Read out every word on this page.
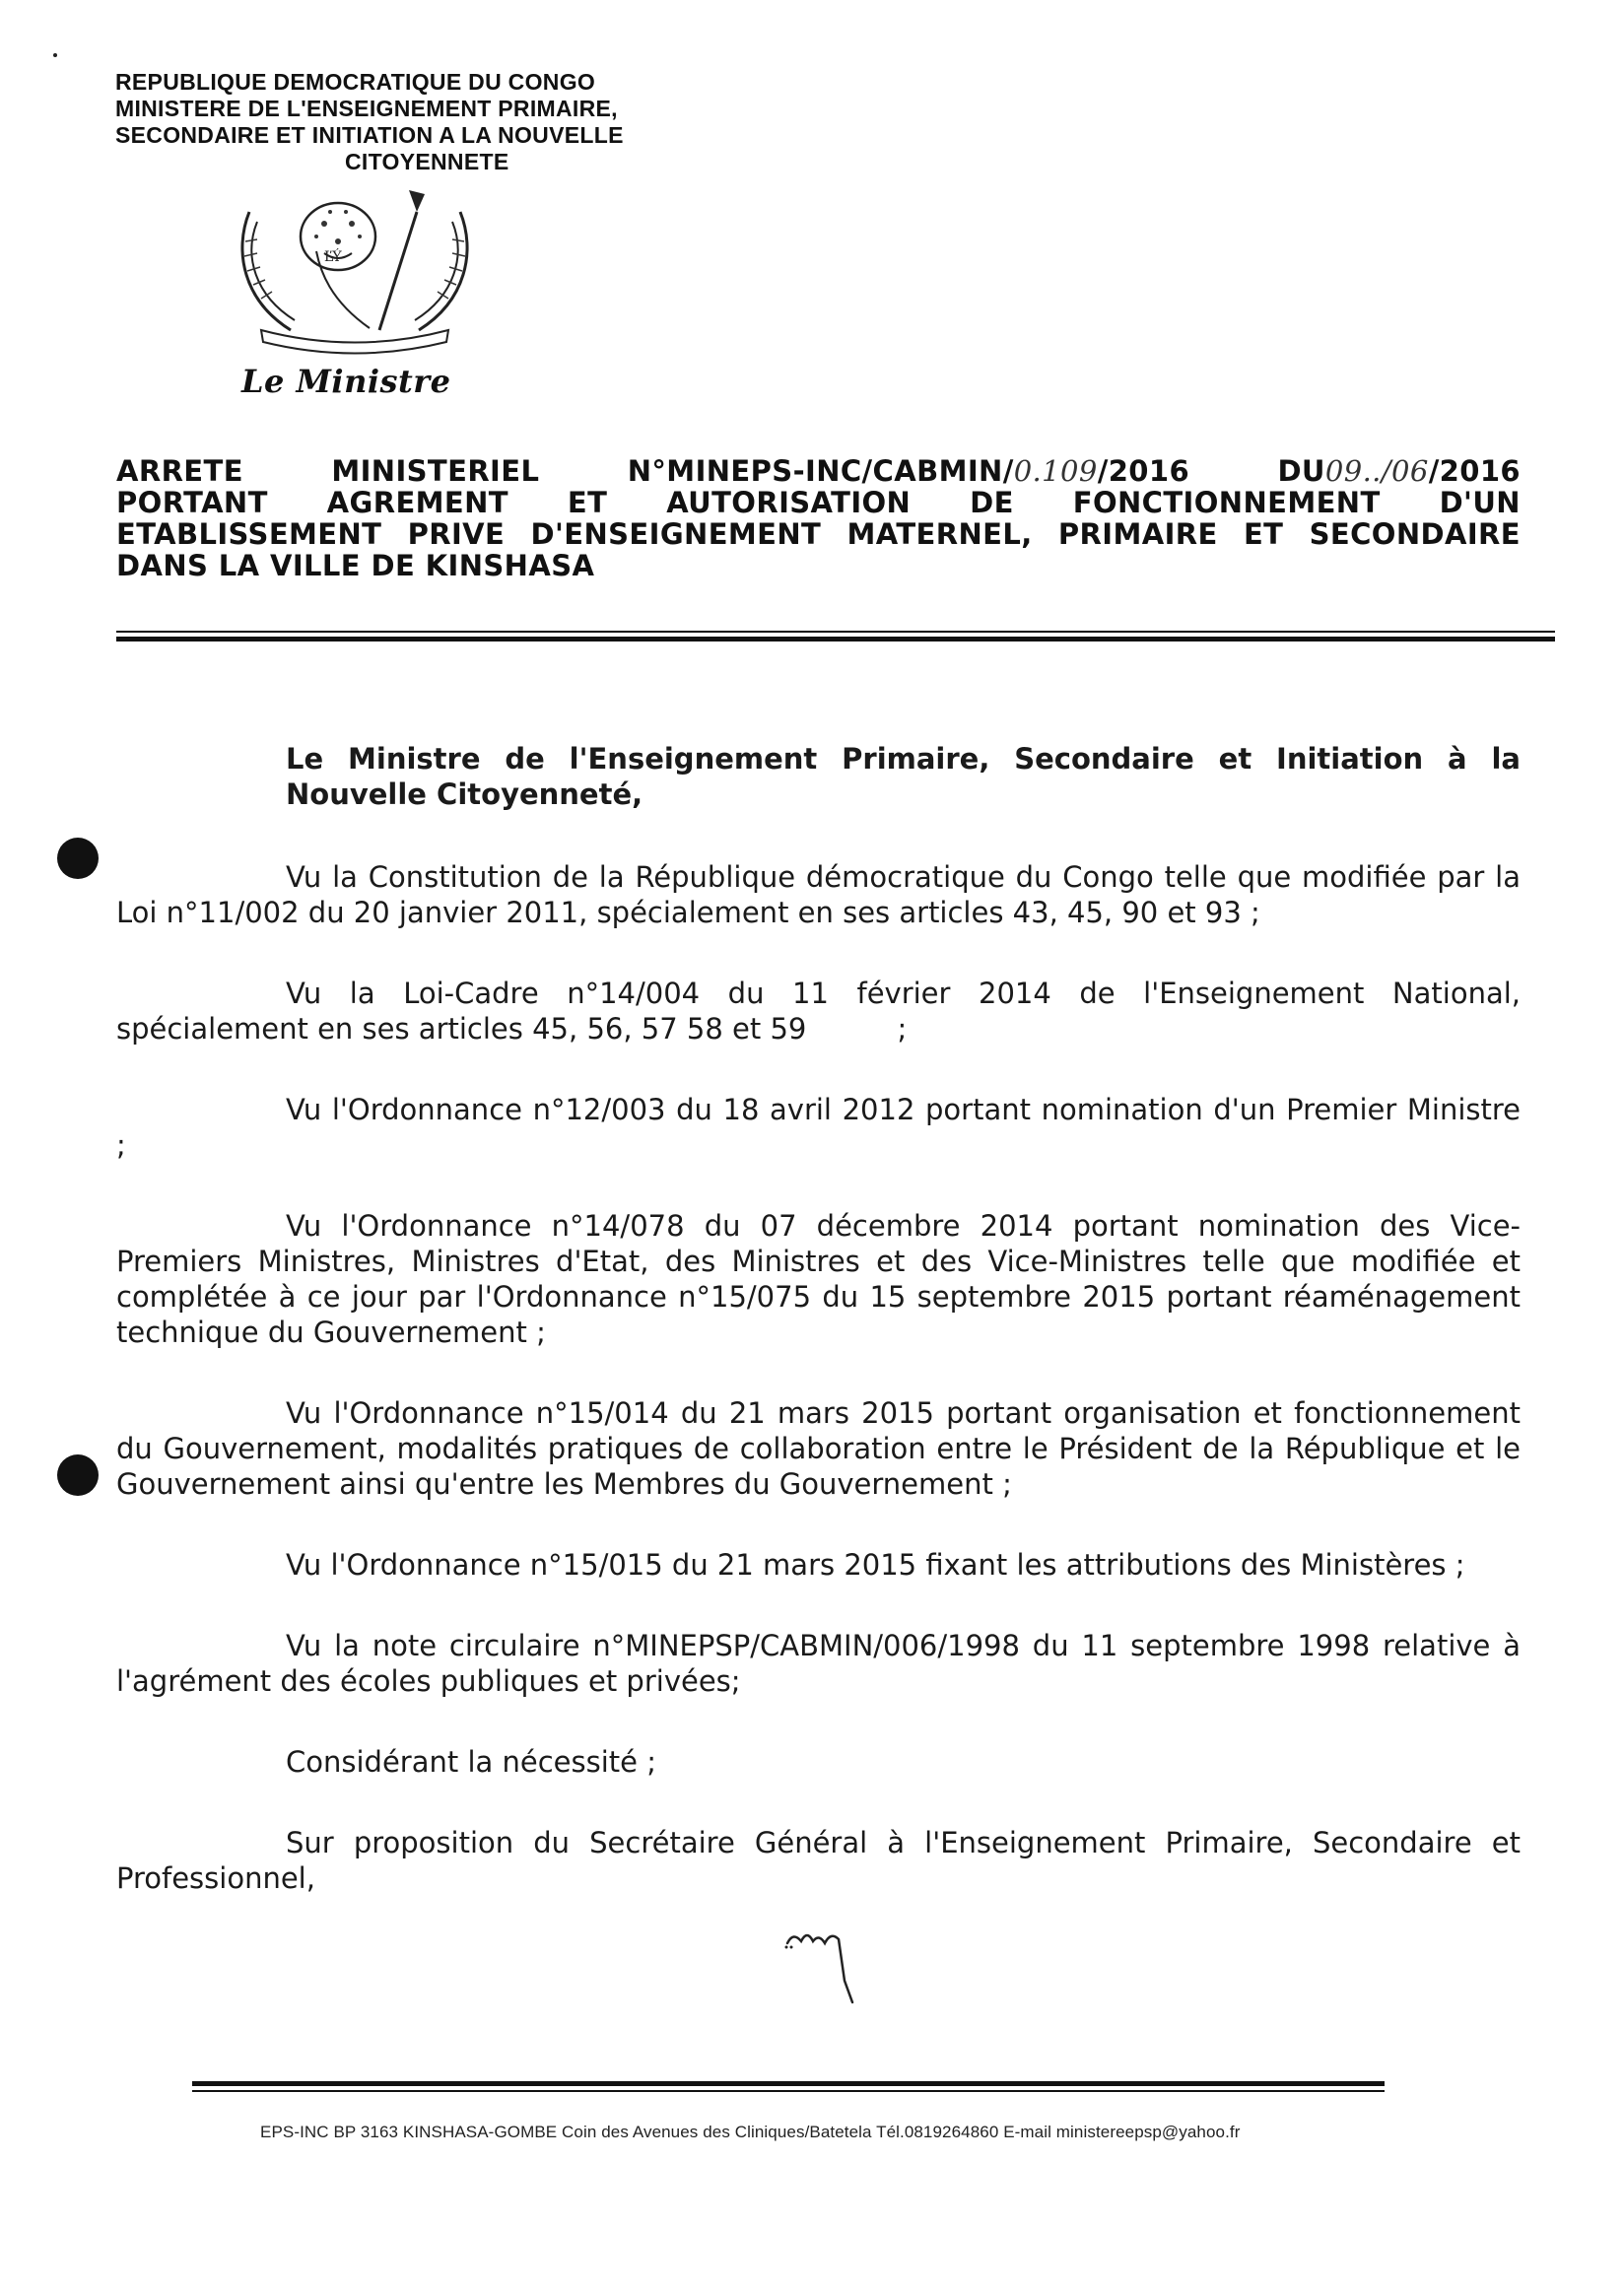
REPUBLIQUE DEMOCRATIQUE DU CONGO
MINISTERE DE L'ENSEIGNEMENT PRIMAIRE,
SECONDAIRE ET INITIATION A LA NOUVELLE
CITOYENNETE
ĽÝ
Le Ministre
ARRETE	MINISTERIEL	N°MINEPS-INC/CABMIN/0.109/2016	DU09../06/2016
PORTANT AGREMENT ET AUTORISATION DE FONCTIONNEMENT D'UN
ETABLISSEMENT PRIVE D'ENSEIGNEMENT MATERNEL, PRIMAIRE ET SECONDAIRE
DANS LA VILLE DE KINSHASA
Le Ministre de l'Enseignement Primaire, Secondaire et Initiation à la Nouvelle Citoyenneté,

Vu la Constitution de la République démocratique du Congo telle que modifiée par la Loi n°11/002 du 20 janvier 2011, spécialement en ses articles 43, 45, 90 et 93 ;

Vu la Loi-Cadre n°14/004 du 11 février 2014 de l'Enseignement National, spécialement en ses articles 45, 56, 57 58 et 59          ;

Vu l'Ordonnance n°12/003 du 18 avril 2012 portant nomination d'un Premier Ministre ;

Vu l'Ordonnance n°14/078 du 07 décembre 2014 portant nomination des Vice-Premiers Ministres, Ministres d'Etat, des Ministres et des Vice-Ministres telle que modifiée et complétée à ce jour par l'Ordonnance n°15/075 du 15 septembre 2015 portant réaménagement technique du Gouvernement ;

Vu l'Ordonnance n°15/014 du 21 mars 2015 portant organisation et fonctionnement du Gouvernement, modalités pratiques de collaboration entre le Président de la République et le Gouvernement ainsi qu'entre les Membres du Gouvernement ;

Vu l'Ordonnance n°15/015 du 21 mars 2015 fixant les attributions des Ministères ;

Vu la note circulaire n°MINEPSP/CABMIN/006/1998 du 11 septembre 1998 relative à l'agrément des écoles publiques et privées;

Considérant la nécessité ;

Sur proposition du Secrétaire Général à l'Enseignement Primaire, Secondaire et Professionnel,

EPS-INC BP 3163 KINSHASA-GOMBE Coin des Avenues des Cliniques/Batetela Tél.0819264860 E-mail ministereepsp@yahoo.fr
